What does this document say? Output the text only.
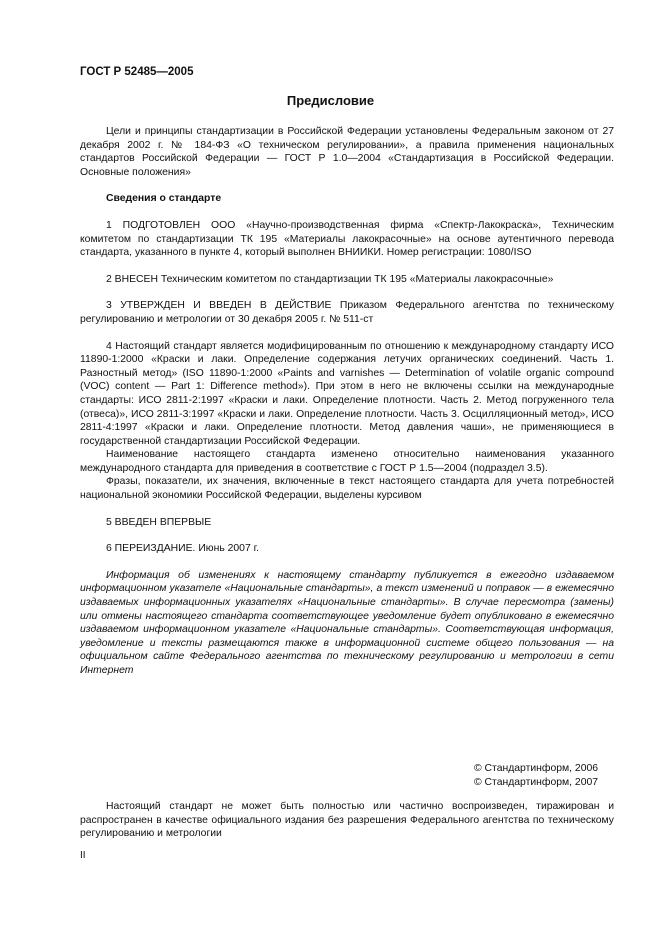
ГОСТ Р 52485—2005
Предисловие

Цели и принципы стандартизации в Российской Федерации установлены Федеральным законом от 27 декабря 2002 г. № 184-ФЗ «О техническом регулировании», а правила применения национальных стандартов Российской Федерации — ГОСТ Р 1.0—2004 «Стандартизация в Российской Федерации. Основные положения»

Сведения о стандарте

1 ПОДГОТОВЛЕН ООО «Научно-производственная фирма «Спектр-Лакокраска», Техническим комитетом по стандартизации ТК 195 «Материалы лакокрасочные» на основе аутентичного перевода стандарта, указанного в пункте 4, который выполнен ВНИИКИ. Номер регистрации: 1080/ISO

2 ВНЕСЕН Техническим комитетом по стандартизации ТК 195 «Материалы лакокрасочные»

3 УТВЕРЖДЕН И ВВЕДЕН В ДЕЙСТВИЕ Приказом Федерального агентства по техническому регулированию и метрологии от 30 декабря 2005 г. № 511-ст

4 Настоящий стандарт является модифицированным по отношению к международному стандарту ИСО 11890-1:2000 «Краски и лаки. Определение содержания летучих органических соединений. Часть 1. Разностный метод» (ISO 11890-1:2000 «Paints and varnishes — Determination of volatile organic compound (VOC) content — Part 1: Difference method»). При этом в него не включены ссылки на международные стандарты: ИСО 2811-2:1997 «Краски и лаки. Определение плотности. Часть 2. Метод погруженного тела (отвеса)», ИСО 2811-3:1997 «Краски и лаки. Определение плотности. Часть 3. Осцилляционный метод», ИСО 2811-4:1997 «Краски и лаки. Определение плотности. Метод давления чаши», не применяющиеся в государственной стандартизации Российской Федерации.

Наименование настоящего стандарта изменено относительно наименования указанного международного стандарта для приведения в соответствие с ГОСТ Р 1.5—2004 (подраздел 3.5).

Фразы, показатели, их значения, включенные в текст настоящего стандарта для учета потребностей национальной экономики Российской Федерации, выделены курсивом

5 ВВЕДЕН ВПЕРВЫЕ

6 ПЕРЕИЗДАНИЕ. Июнь 2007 г.

Информация об изменениях к настоящему стандарту публикуется в ежегодно издаваемом информационном указателе «Национальные стандарты», а текст изменений и поправок — в ежемесячно издаваемых информационных указателях «Национальные стандарты». В случае пересмотра (замены) или отмены настоящего стандарта соответствующее уведомление будет опубликовано в ежемесячно издаваемом информационном указателе «Национальные стандарты». Соответствующая информация, уведомление и тексты размещаются также в информационной системе общего пользования — на официальном сайте Федерального агентства по техническому регулированию и метрологии в сети Интернет

© Стандартинформ, 2006
© Стандартинформ, 2007

Настоящий стандарт не может быть полностью или частично воспроизведен, тиражирован и распространен в качестве официального издания без разрешения Федерального агентства по техническому регулированию и метрологии

II
